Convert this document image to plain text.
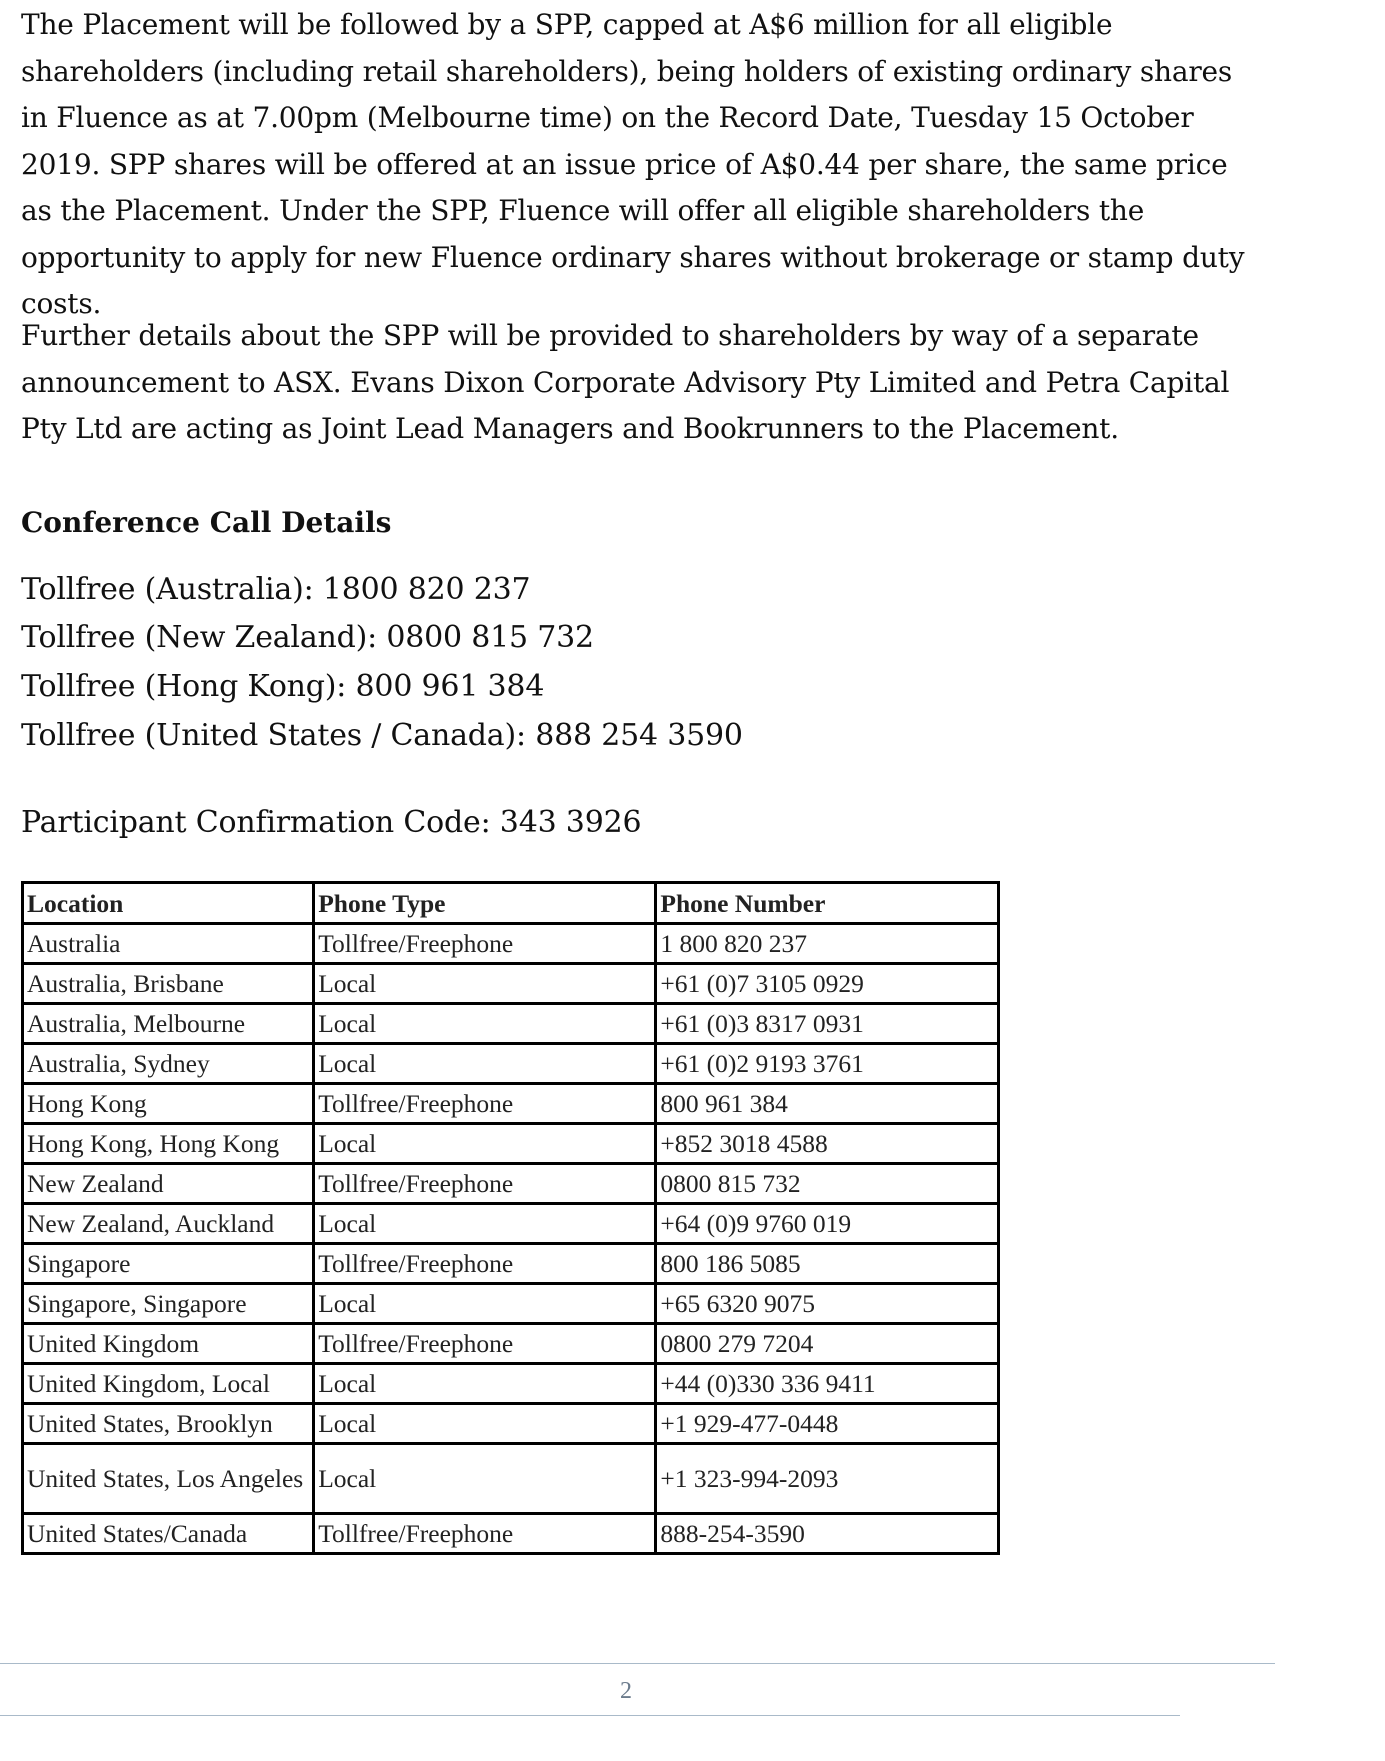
The Placement will be followed by a SPP, capped at A$6 million for all eligible shareholders (including retail shareholders), being holders of existing ordinary shares in Fluence as at 7.00pm (Melbourne time) on the Record Date, Tuesday 15 October 2019. SPP shares will be offered at an issue price of A$0.44 per share, the same price as the Placement. Under the SPP, Fluence will offer all eligible shareholders the opportunity to apply for new Fluence ordinary shares without brokerage or stamp duty costs.

Further details about the SPP will be provided to shareholders by way of a separate announcement to ASX. Evans Dixon Corporate Advisory Pty Limited and Petra Capital Pty Ltd are acting as Joint Lead Managers and Bookrunners to the Placement.

Conference Call Details

Tollfree (Australia): 1800 820 237

Tollfree (New Zealand): 0800 815 732

Tollfree (Hong Kong): 800 961 384

Tollfree (United States / Canada): 888 254 3590

Participant Confirmation Code: 343 3926

Location	Phone Type	Phone Number
Australia	Tollfree/Freephone	1 800 820 237
Australia, Brisbane	Local	+61 (0)7 3105 0929
Australia, Melbourne	Local	+61 (0)3 8317 0931
Australia, Sydney	Local	+61 (0)2 9193 3761
Hong Kong	Tollfree/Freephone	800 961 384
Hong Kong, Hong Kong	Local	+852 3018 4588
New Zealand	Tollfree/Freephone	0800 815 732
New Zealand, Auckland	Local	+64 (0)9 9760 019
Singapore	Tollfree/Freephone	800 186 5085
Singapore, Singapore	Local	+65 6320 9075
United Kingdom	Tollfree/Freephone	0800 279 7204
United Kingdom, Local	Local	+44 (0)330 336 9411
United States, Brooklyn	Local	+1 929-477-0448
United States, Los Angeles	Local	+1 323-994-2093
United States/Canada	Tollfree/Freephone	888-254-3590
2
